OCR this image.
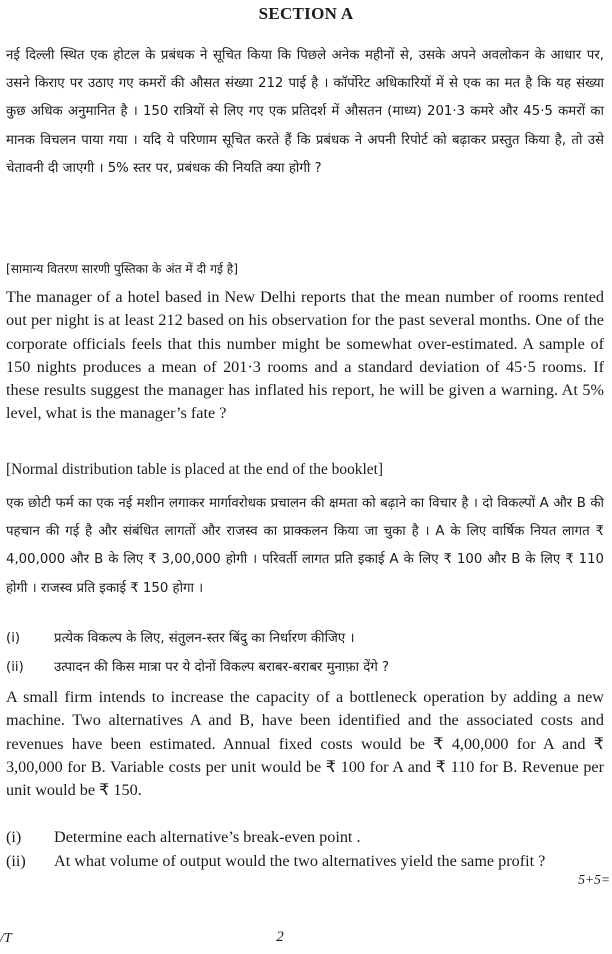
SECTION A
नई दिल्ली स्थित एक होटल के प्रबंधक ने सूचित किया कि पिछले अनेक महीनों से, उसके अपने अवलोकन के आधार पर, उसने किराए पर उठाए गए कमरों की औसत संख्या 212 पाई है । कॉर्पोरेट अधिकारियों में से एक का मत है कि यह संख्या कुछ अधिक अनुमानित है । 150 रात्रियों से लिए गए एक प्रतिदर्श में औसतन (माध्य) 201·3 कमरे और 45·5 कमरों का मानक विचलन पाया गया । यदि ये परिणाम सूचित करते हैं कि प्रबंधक ने अपनी रिपोर्ट को बढ़ाकर प्रस्तुत किया है, तो उसे चेतावनी दी जाएगी । 5% स्तर पर, प्रबंधक की नियति क्या होगी ?
[सामान्य वितरण सारणी पुस्तिका के अंत में दी गई है]
The manager of a hotel based in New Delhi reports that the mean number of rooms rented out per night is at least 212 based on his observation for the past several months. One of the corporate officials feels that this number might be somewhat over-estimated. A sample of 150 nights produces a mean of 201·3 rooms and a standard deviation of 45·5 rooms. If these results suggest the manager has inflated his report, he will be given a warning. At 5% level, what is the manager’s fate ?
[Normal distribution table is placed at the end of the booklet]
एक छोटी फर्म का एक नई मशीन लगाकर मार्गावरोधक प्रचालन की क्षमता को बढ़ाने का विचार है । दो विकल्पों A और B की पहचान की गई है और संबंधित लागतों और राजस्व का प्राक्कलन किया जा चुका है । A के लिए वार्षिक नियत लागत ₹ 4,00,000 और B के लिए ₹ 3,00,000 होगी । परिवर्ती लागत प्रति इकाई A के लिए ₹ 100 और B के लिए ₹ 110 होगी । राजस्व प्रति इकाई ₹ 150 होगा ।
(i)	प्रत्येक विकल्प के लिए, संतुलन-स्तर बिंदु का निर्धारण कीजिए ।
(ii)	उत्पादन की किस मात्रा पर ये दोनों विकल्प बराबर-बराबर मुनाफ़ा देंगे ?
A small firm intends to increase the capacity of a bottleneck operation by adding a new machine. Two alternatives A and B, have been identified and the associated costs and revenues have been estimated. Annual fixed costs would be ₹ 4,00,000 for A and ₹ 3,00,000 for B. Variable costs per unit would be ₹ 100 for A and ₹ 110 for B. Revenue per unit would be ₹ 150.
(i)	Determine each alternative’s break-even point .
(ii)	At what volume of output would the two alternatives yield the same profit ?
5+5=
/T	2
